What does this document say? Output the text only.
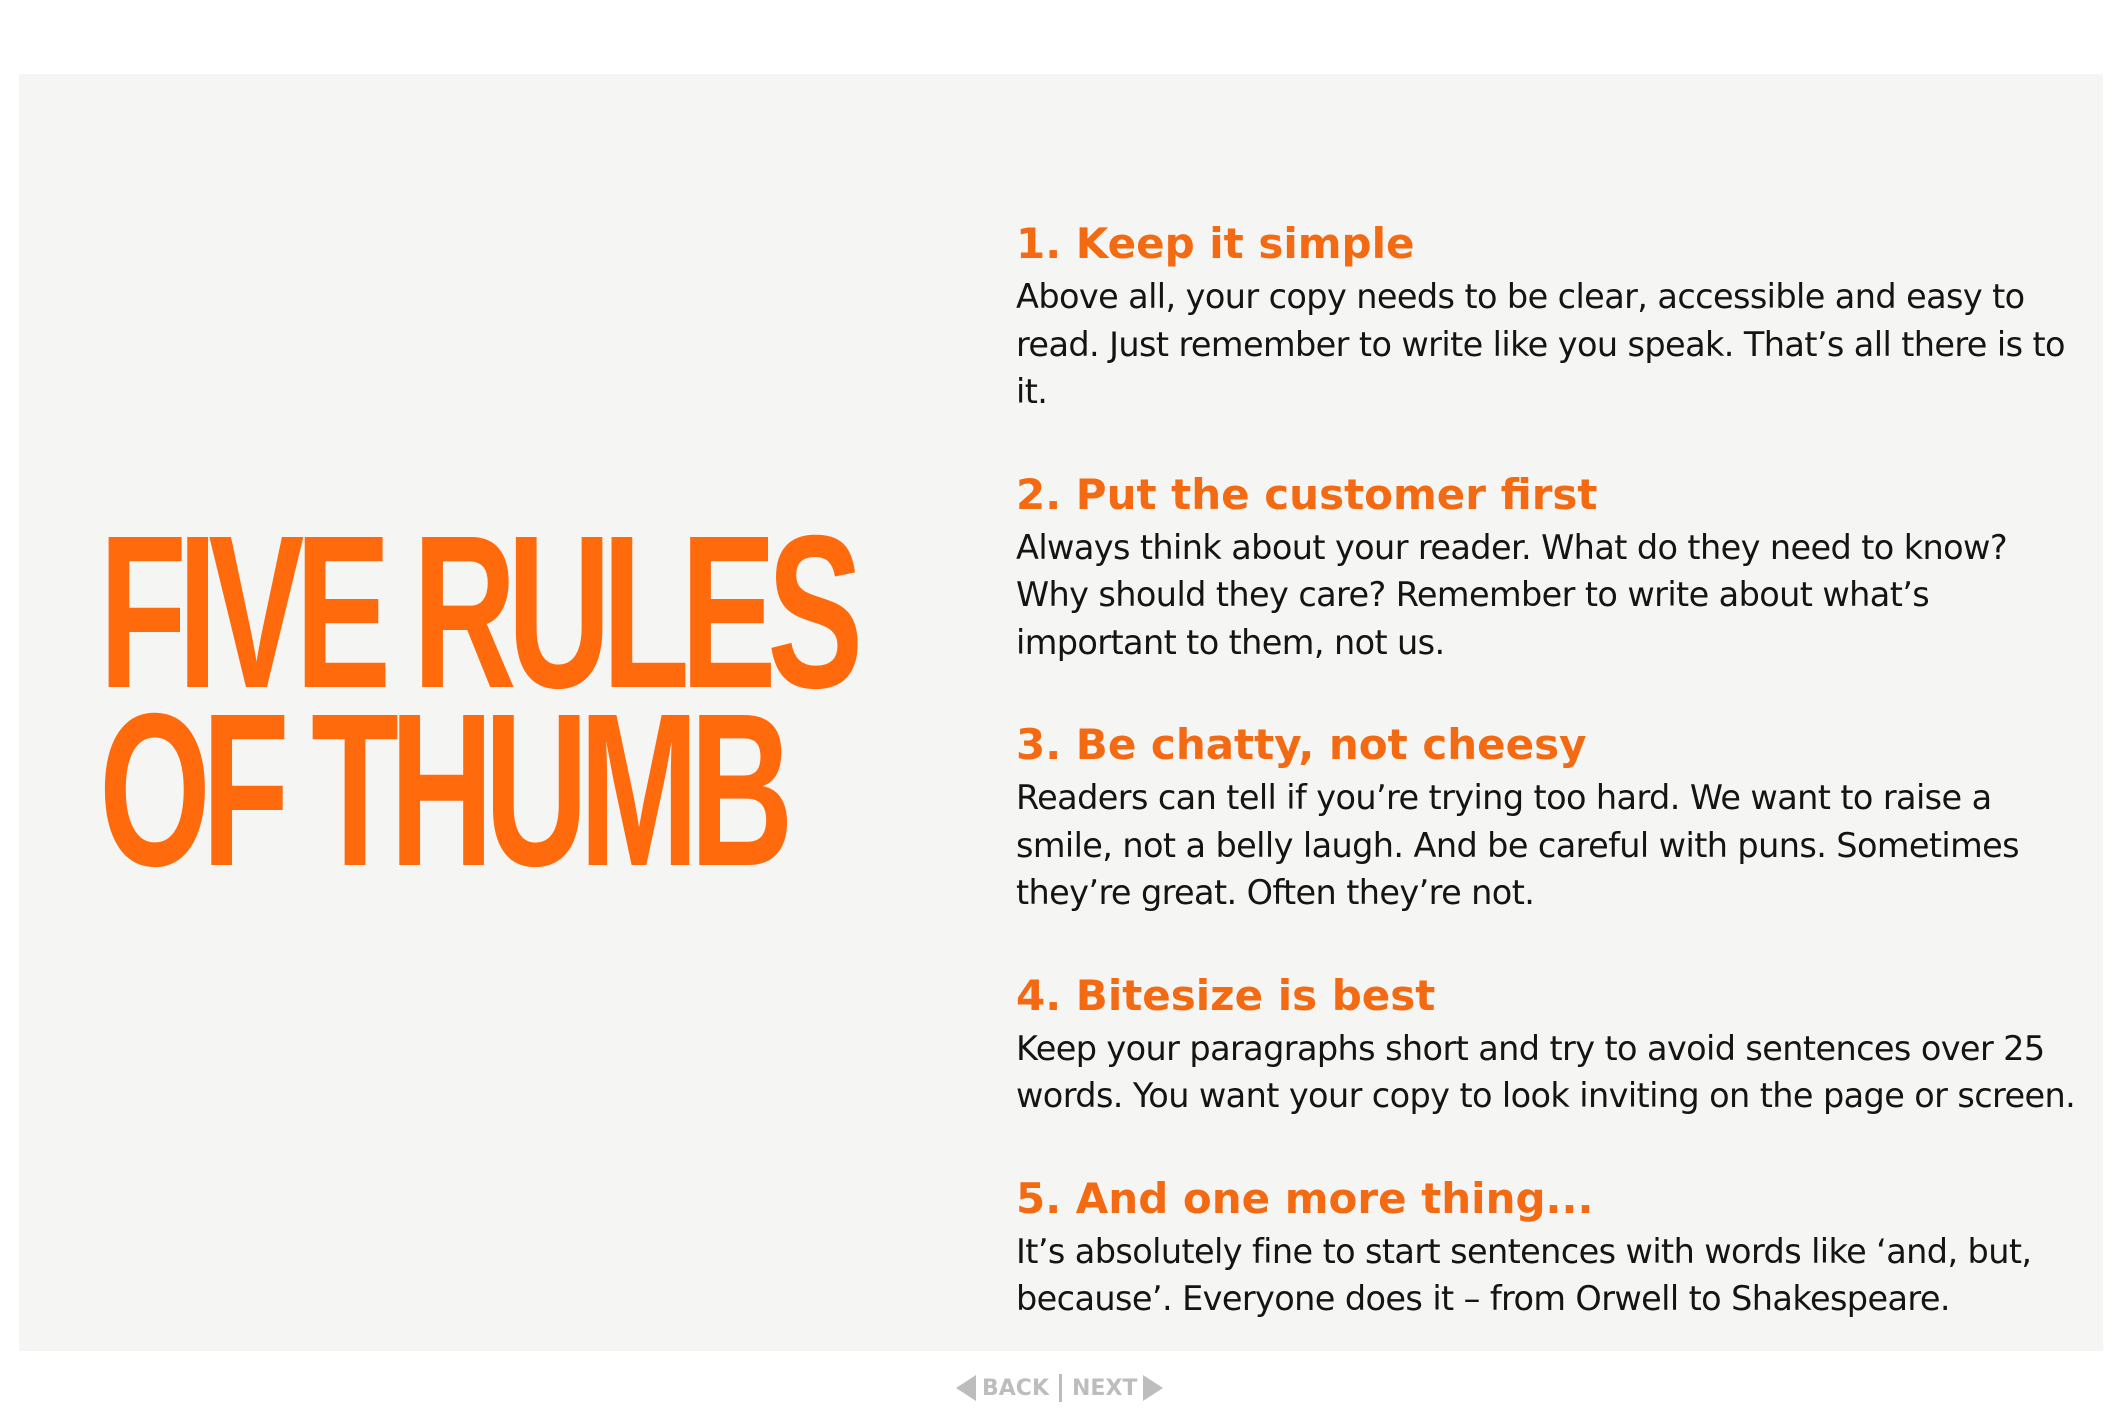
FIVE RULES
OF THUMB
1. Keep it simple

Above all, your copy needs to be clear, accessible and easy to read. Just remember to write like you speak. That’s all there is to it.

2. Put the customer first

Always think about your reader. What do they need to know? Why should they care? Remember to write about what’s important to them, not us.

3. Be chatty, not cheesy

Readers can tell if you’re trying too hard. We want to raise a smile, not a belly laugh. And be careful with puns. Sometimes they’re great. Often they’re not.

4. Bitesize is best

Keep your paragraphs short and try to avoid sentences over 25 words. You want your copy to look inviting on the page or screen.

5. And one more thing...

It’s absolutely fine to start sentences with words like ‘and, but, because’. Everyone does it – from Orwell to Shakespeare.

BACK NEXT
